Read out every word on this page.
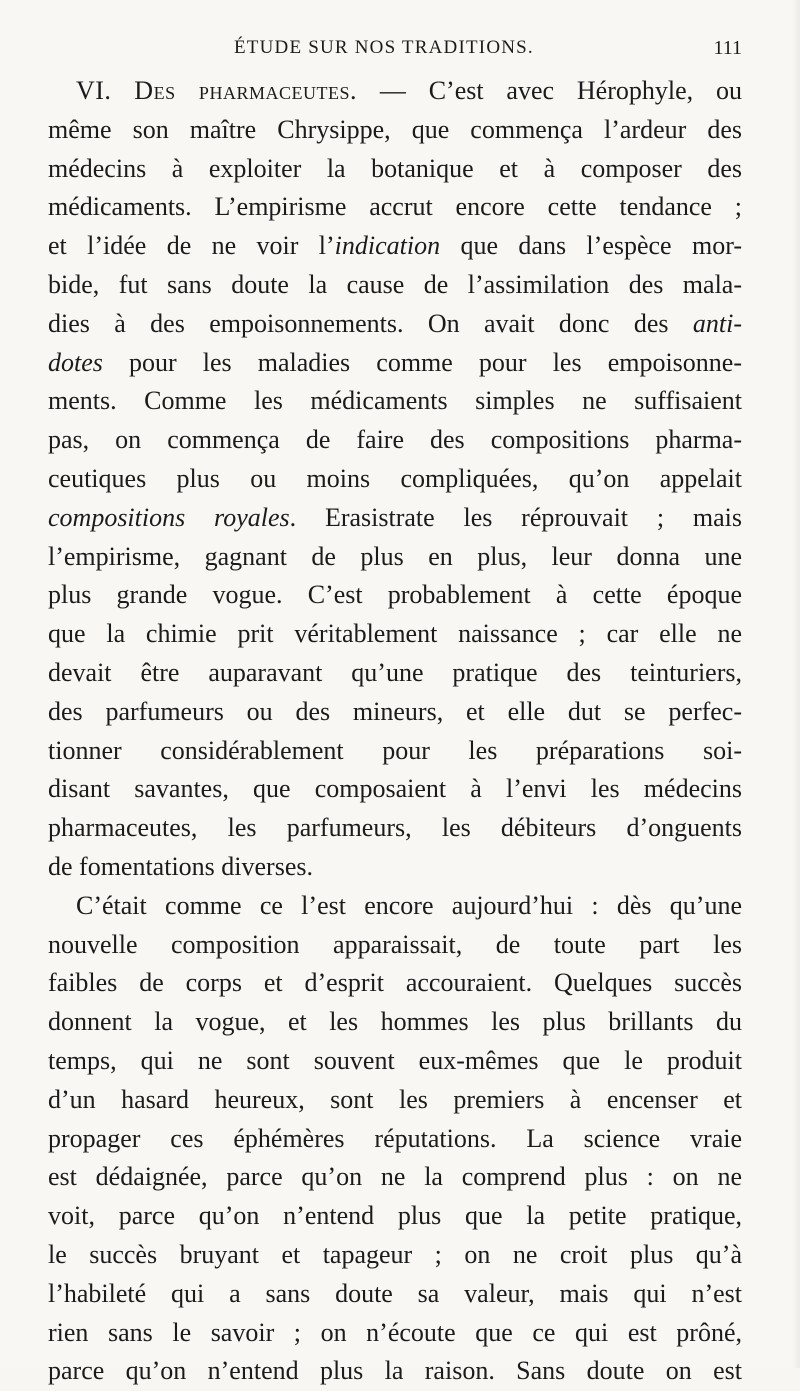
ÉTUDE SUR NOS TRADITIONS.	111
VI. Des pharmaceutes. — C’est avec Hérophyle, ou
même son maître Chrysippe, que commença l’ardeur des
médecins à exploiter la botanique et à composer des
médicaments. L’empirisme accrut encore cette tendance ;
et l’idée de ne voir l’indication que dans l’espèce mor-
bide, fut sans doute la cause de l’assimilation des mala-
dies à des empoisonnements. On avait donc des anti-
dotes pour les maladies comme pour les empoisonne-
ments. Comme les médicaments simples ne suffisaient
pas, on commença de faire des compositions pharma-
ceutiques plus ou moins compliquées, qu’on appelait
compositions royales. Erasistrate les réprouvait ; mais
l’empirisme, gagnant de plus en plus, leur donna une
plus grande vogue. C’est probablement à cette époque
que la chimie prit véritablement naissance ; car elle ne
devait être auparavant qu’une pratique des teinturiers,
des parfumeurs ou des mineurs, et elle dut se perfec-
tionner considérablement pour les préparations soi-
disant savantes, que composaient à l’envi les médecins
pharmaceutes, les parfumeurs, les débiteurs d’onguents
de fomentations diverses.
C’était comme ce l’est encore aujourd’hui : dès qu’une
nouvelle composition apparaissait, de toute part les
faibles de corps et d’esprit accouraient. Quelques succès
donnent la vogue, et les hommes les plus brillants du
temps, qui ne sont souvent eux-mêmes que le produit
d’un hasard heureux, sont les premiers à encenser et
propager ces éphémères réputations. La science vraie
est dédaignée, parce qu’on ne la comprend plus : on ne
voit, parce qu’on n’entend plus que la petite pratique,
le succès bruyant et tapageur ; on ne croit plus qu’à
l’habileté qui a sans doute sa valeur, mais qui n’est
rien sans le savoir ; on n’écoute que ce qui est prôné,
parce qu’on n’entend plus la raison. Sans doute on est
